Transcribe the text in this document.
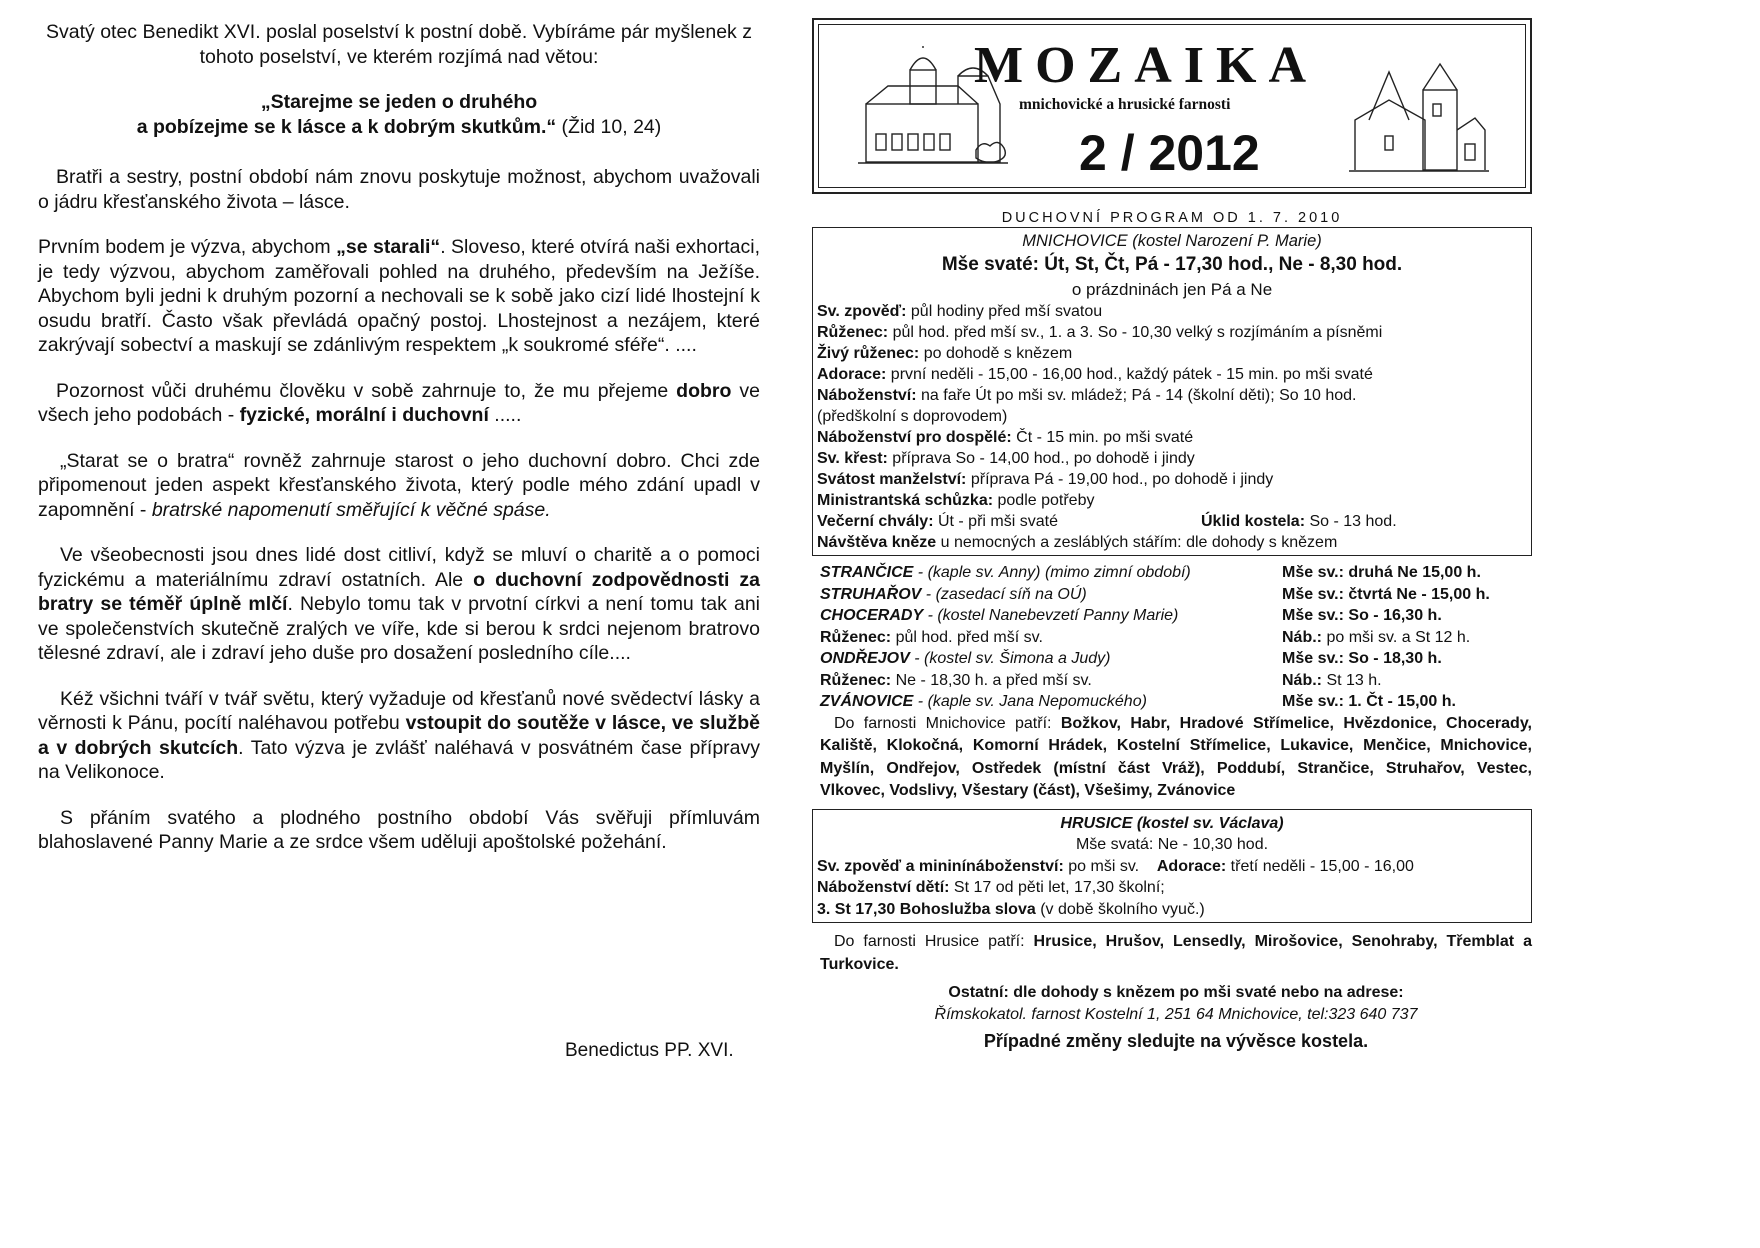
Svatý otec Benedikt XVI. poslal poselství k postní době. Vybíráme pár myšlenek z tohoto poselství, ve kterém rozjímá nad větou:

„Starejme se jeden o druhého
a pobízejme se k lásce a k dobrým skutkům.“ (Žid 10, 24)

Bratři a sestry, postní období nám znovu poskytuje možnost, abychom uvažovali o jádru křesťanského života – lásce.

Prvním bodem je výzva, abychom „se starali“. Sloveso, které otvírá naši exhortaci, je tedy výzvou, abychom zaměřovali pohled na druhého, především na Ježíše. Abychom byli jedni k druhým pozorní a nechovali se k sobě jako cizí lidé lhostejní k osudu bratří. Často však převládá opačný postoj. Lhostejnost a nezájem, které zakrývají sobectví a maskují se zdánlivým respektem „k soukromé sféře“. ....

Pozornost vůči druhému člověku v sobě zahrnuje to, že mu přejeme dobro ve všech jeho podobách - fyzické, morální i duchovní .....

„Starat se o bratra“ rovněž zahrnuje starost o jeho duchovní dobro. Chci zde připomenout jeden aspekt křesťanského života, který podle mého zdání upadl v zapomnění - bratrské napomenutí směřující k věčné spáse.

Ve všeobecnosti jsou dnes lidé dost citliví, když se mluví o charitě a o pomoci fyzickému a materiálnímu zdraví ostatních. Ale o duchovní zodpovědnosti za bratry se téměř úplně mlčí. Nebylo tomu tak v prvotní církvi a není tomu tak ani ve společenstvích skutečně zralých ve víře, kde si berou k srdci nejenom bratrovo tělesné zdraví, ale i zdraví jeho duše pro dosažení posledního cíle....

Kéž všichni tváří v tvář světu, který vyžaduje od křesťanů nové svědectví lásky a věrnosti k Pánu, pocítí naléhavou potřebu vstoupit do soutěže v lásce, ve službě a v dobrých skutcích. Tato výzva je zvlášť naléhavá v posvátném čase přípravy na Velikonoce.

S přáním svatého a plodného postního období Vás svěřuji přímluvám blahoslavené Panny Marie a ze srdce všem uděluji apoštolské požehání.

Benedictus PP. XVI.
MOZAIKA
mnichovické a hrusické farnosti
2 / 2012
DUCHOVNÍ PROGRAM OD 1. 7. 2010
MNICHOVICE (kostel Narození P. Marie)
Mše svaté: Út, St, Čt, Pá - 17,30 hod., Ne - 8,30 hod.
o prázdninách jen Pá a Ne
Sv. zpověď: půl hodiny před mší svatou
Růženec: půl hod. před mší sv., 1. a 3. So - 10,30 velký s rozjímáním a písněmi
Živý růženec: po dohodě s knězem
Adorace: první neděli - 15,00 - 16,00 hod., každý pátek - 15 min. po mši svaté
Náboženství: na faře Út po mši sv. mládež; Pá - 14 (školní děti); So 10 hod.
(předškolní s doprovodem)
Náboženství pro dospělé: Čt - 15 min. po mši svaté
Sv. křest: příprava So - 14,00 hod., po dohodě i jindy
Svátost manželství: příprava Pá - 19,00 hod., po dohodě i jindy
Ministrantská schůzka: podle potřeby
Večerní chvály: Út - při mši svaté	Úklid kostela: So - 13 hod.
Návštěva kněze u nemocných a zesláblých stářím: dle dohody s knězem
STRANČICE - (kaple sv. Anny) (mimo zimní období)	Mše sv.: druhá Ne 15,00 h.
STRUHAŘOV - (zasedací síň na OÚ)	Mše sv.: čtvrtá Ne - 15,00 h.
CHOCERADY - (kostel Nanebevzetí Panny Marie)	Mše sv.: So - 16,30 h.
Růženec: půl hod. před mší sv.	Náb.: po mši sv. a St 12 h.
ONDŘEJOV - (kostel sv. Šimona a Judy)	Mše sv.: So - 18,30 h.
Růženec: Ne - 18,30 h. a před mší sv.	Náb.: St 13 h.
ZVÁNOVICE - (kaple sv. Jana Nepomuckého)	Mše sv.: 1. Čt - 15,00 h.
Do farnosti Mnichovice patří: Božkov, Habr, Hradové Střímelice, Hvězdonice, Chocerady, Kaliště, Klokočná, Komorní Hrádek, Kostelní Střímelice, Lukavice, Menčice, Mnichovice, Myšlín, Ondřejov, Ostředek (místní část Vráž), Poddubí, Strančice, Struhařov, Vestec, Vlkovec, Vodslivy, Všestary (část), Všešimy, Zvánovice
HRUSICE (kostel sv. Václava)
Mše svatá: Ne - 10,30 hod.
Sv. zpověď a mininínáboženství: po mši sv. Adorace: třetí neděli - 15,00 - 16,00
Náboženství dětí: St 17 od pěti let, 17,30 školní;
3. St 17,30 Bohoslužba slova (v době školního vyuč.)
Do farnosti Hrusice patří: Hrusice, Hrušov, Lensedly, Mirošovice, Senohraby, Třemblat a Turkovice.
Ostatní: dle dohody s knězem po mši svaté nebo na adrese:
Římskokatol. farnost Kostelní 1, 251 64 Mnichovice, tel:323 640 737
Případné změny sledujte na vývěsce kostela.
